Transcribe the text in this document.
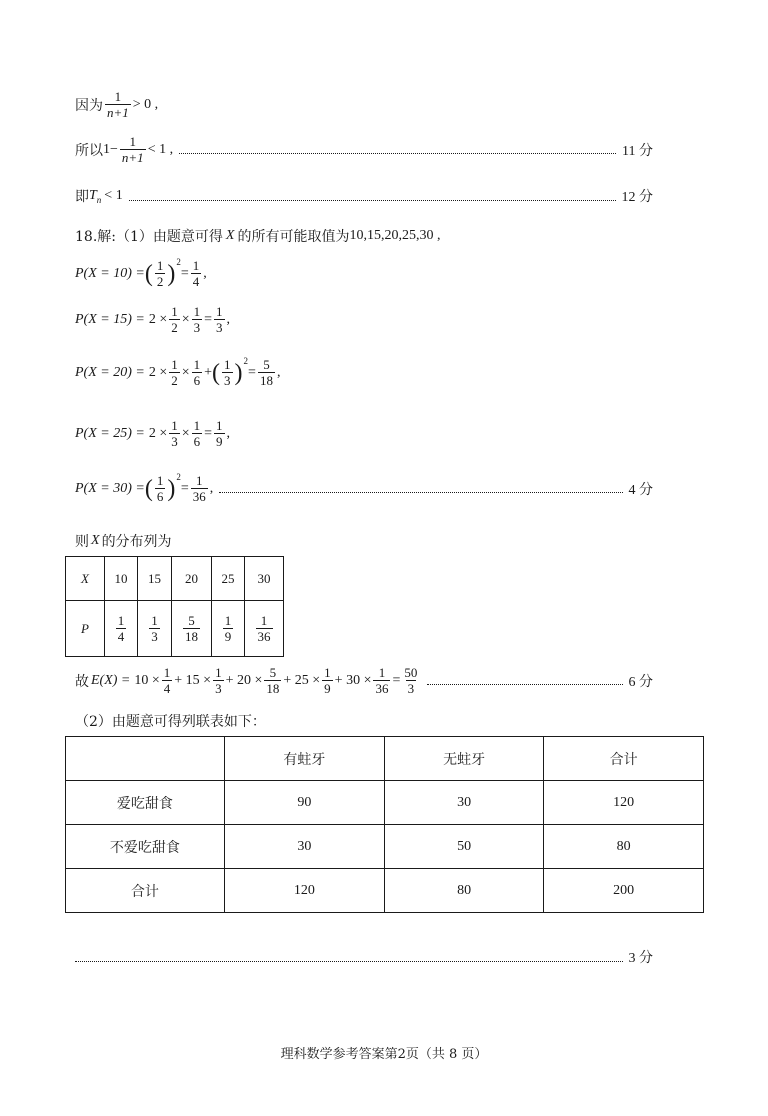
因为 $\frac{1}{n+1} > 0$ ,
所以 $1 - \frac{1}{n+1} < 1$ ,	11 分
即 T n < 1	12 分
18.解:（1）由题意可得 X 的所有可能取值为 10,15,20,25,30 ,
P(X = 10) = ( $\frac{1}{2}$ ) 2
= $\frac{1}{4}$ ,
$P(X = 15) = 2 \times \frac{1}{2} \times \frac{1}{3} = \frac{1}{3}$ ,
$P(X = 20) = 2 \times \frac{1}{2} \times \frac{1}{6}$ + ( $\frac{1}{3}$ ) 2
= $\frac{5}{18}$ ,
$P(X = 25) = 2 \times \frac{1}{3} \times \frac{1}{6} = \frac{1}{9}$ ,
P(X = 30) = ( $\frac{1}{6}$ ) 2
= $\frac{1}{36}$ ,	4 分
则 X 的分布列为
X	10	15	20	25	30
P	$\frac{1}{4}$	$\frac{1}{3}$	$\frac{5}{18}$	$\frac{1}{9}$	$\frac{1}{36}$
故 $E(X) = 10 \times \frac{1}{4} + 15 \times \frac{1}{3} + 20 \times \frac{5}{18} + 25 \times \frac{1}{9} + 30 \times \frac{1}{36} = \frac{50}{3}$	6 分
（2）由题意可得列联表如下：
	有蛀牙	无蛀牙	合计
爱吃甜食	90	30	120
不爱吃甜食	30	50	80
合计	120	80	200
3 分
理科数学参考答案第2页（共 8 页）
